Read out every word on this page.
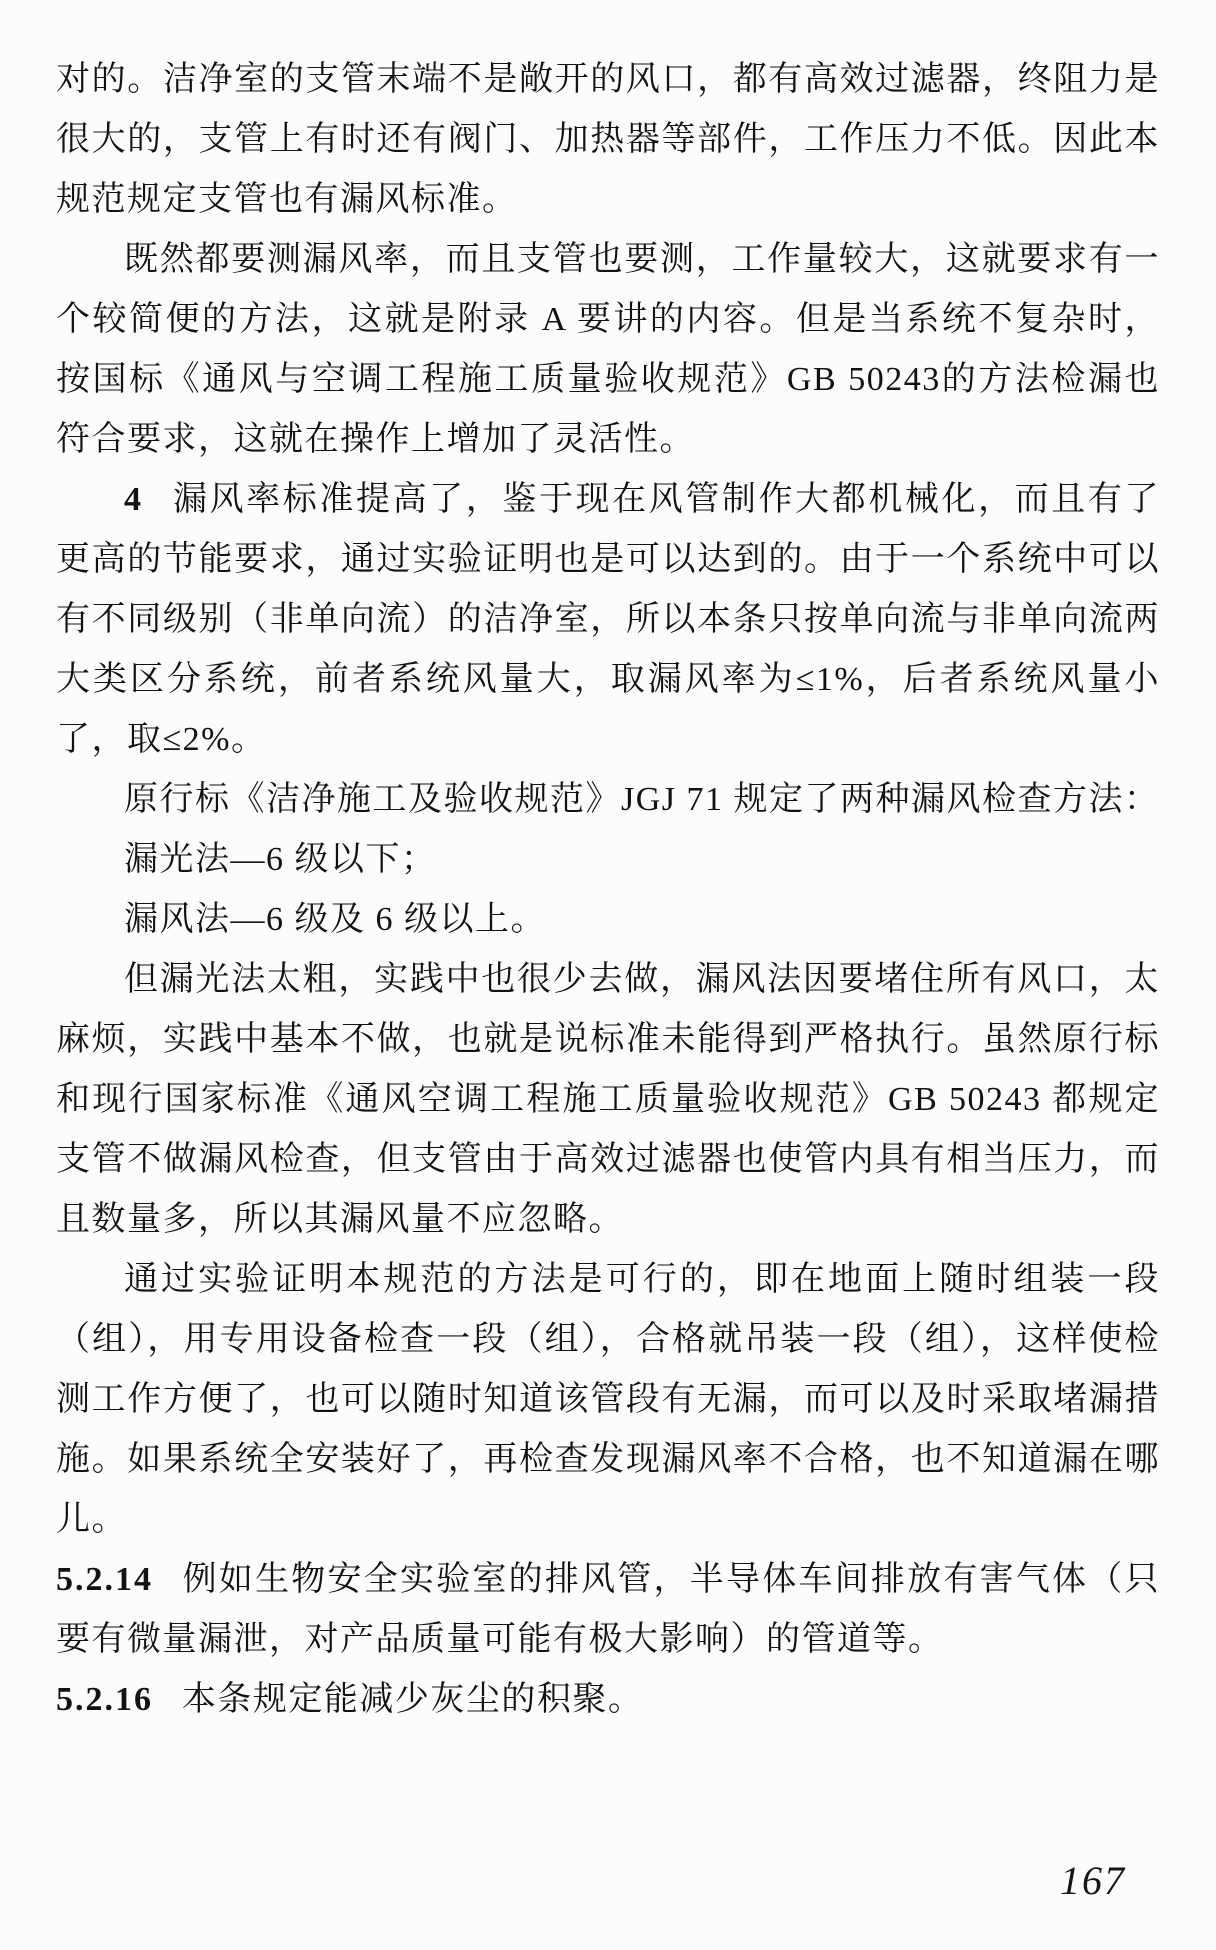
对的。洁净室的支管末端不是敞开的风口，都有高效过滤器，终阻力是很大的，支管上有时还有阀门、加热器等部件，工作压力不低。因此本规范规定支管也有漏风标准。

既然都要测漏风率，而且支管也要测，工作量较大，这就要求有一个较简便的方法，这就是附录 A 要讲的内容。但是当系统不复杂时，按国标《通风与空调工程施工质量验收规范》GB 50243的方法检漏也符合要求，这就在操作上增加了灵活性。

4 漏风率标准提高了，鉴于现在风管制作大都机械化，而且有了更高的节能要求，通过实验证明也是可以达到的。由于一个系统中可以有不同级别（非单向流）的洁净室，所以本条只按单向流与非单向流两大类区分系统，前者系统风量大，取漏风率为≤1%，后者系统风量小了，取≤2%。

原行标《洁净施工及验收规范》JGJ 71 规定了两种漏风检查方法：

漏光法—6 级以下；

漏风法—6 级及 6 级以上。

但漏光法太粗，实践中也很少去做，漏风法因要堵住所有风口，太麻烦，实践中基本不做，也就是说标准未能得到严格执行。虽然原行标和现行国家标准《通风空调工程施工质量验收规范》GB 50243 都规定支管不做漏风检查，但支管由于高效过滤器也使管内具有相当压力，而且数量多，所以其漏风量不应忽略。

通过实验证明本规范的方法是可行的，即在地面上随时组装一段（组），用专用设备检查一段（组），合格就吊装一段（组），这样使检测工作方便了，也可以随时知道该管段有无漏，而可以及时采取堵漏措施。如果系统全安装好了，再检查发现漏风率不合格，也不知道漏在哪儿。

5.2.14 例如生物安全实验室的排风管，半导体车间排放有害气体（只要有微量漏泄，对产品质量可能有极大影响）的管道等。

5.2.16 本条规定能减少灰尘的积聚。

167
